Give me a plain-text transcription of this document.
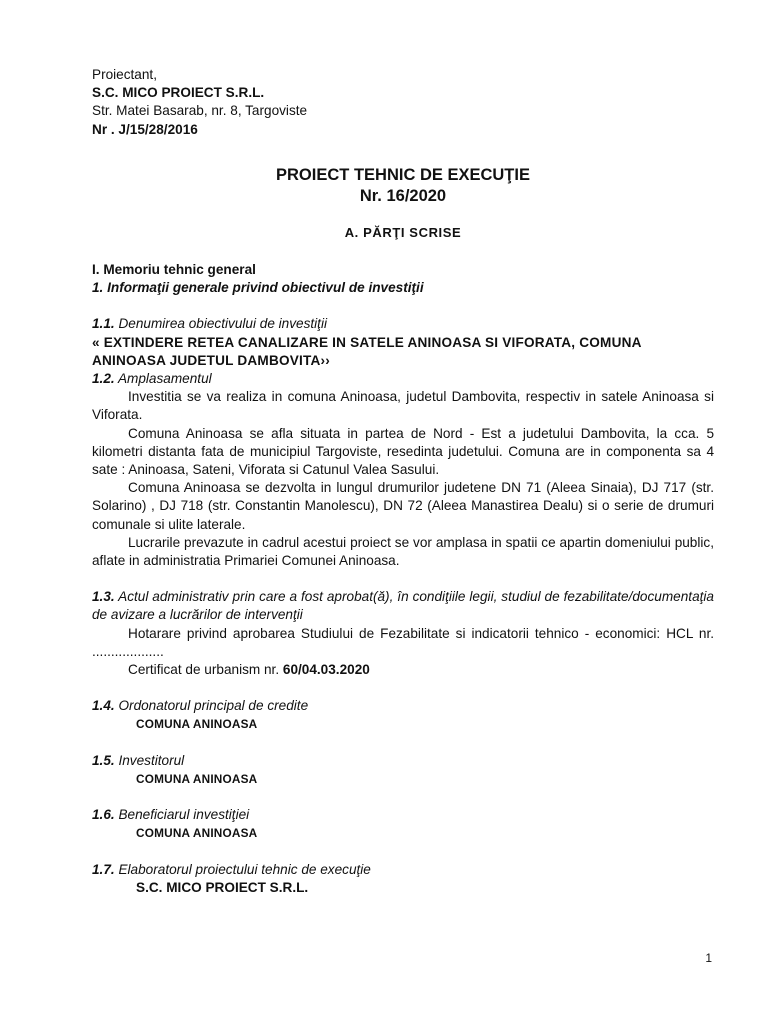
Proiectant,

S.C. MICO PROIECT S.R.L.

Str. Matei Basarab, nr. 8, Targoviste

Nr . J/15/28/2016

PROIECT TEHNIC DE EXECUŢIE

Nr. 16/2020

A. PĂRŢI SCRISE

I. Memoriu tehnic general

1. Informaţii generale privind obiectivul de investiţii

1.1. Denumirea obiectivului de investiţii

« EXTINDERE RETEA CANALIZARE IN SATELE ANINOASA SI VIFORATA, COMUNA

ANINOASA JUDETUL DAMBOVITA››

1.2. Amplasamentul

Investitia se va realiza in comuna Aninoasa, judetul Dambovita, respectiv in satele Aninoasa si Viforata.

Comuna Aninoasa se afla situata in partea de Nord - Est a judetului Dambovita, la cca. 5 kilometri distanta fata de municipiul Targoviste, resedinta judetului. Comuna are in componenta sa 4 sate : Aninoasa, Sateni, Viforata si Catunul Valea Sasului.

Comuna Aninoasa se dezvolta in lungul drumurilor judetene DN 71 (Aleea Sinaia), DJ 717 (str. Solarino) , DJ 718 (str. Constantin Manolescu), DN 72 (Aleea Manastirea Dealu) si o serie de drumuri comunale si ulite laterale.

Lucrarile prevazute in cadrul acestui proiect se vor amplasa in spatii ce apartin domeniului public, aflate in administratia Primariei Comunei Aninoasa.

1.3. Actul administrativ prin care a fost aprobat(ă), în condiţiile legii, studiul de fezabilitate/documentaţia de avizare a lucrărilor de intervenţii

Hotarare privind aprobarea Studiului de Fezabilitate si indicatorii tehnico - economici: HCL nr. ...................

Certificat de urbanism nr. 60/04.03.2020

1.4. Ordonatorul principal de credite

COMUNA ANINOASA

1.5. Investitorul

COMUNA ANINOASA

1.6. Beneficiarul investiţiei

COMUNA ANINOASA

1.7. Elaboratorul proiectului tehnic de execuţie

S.C. MICO PROIECT S.R.L.

1
